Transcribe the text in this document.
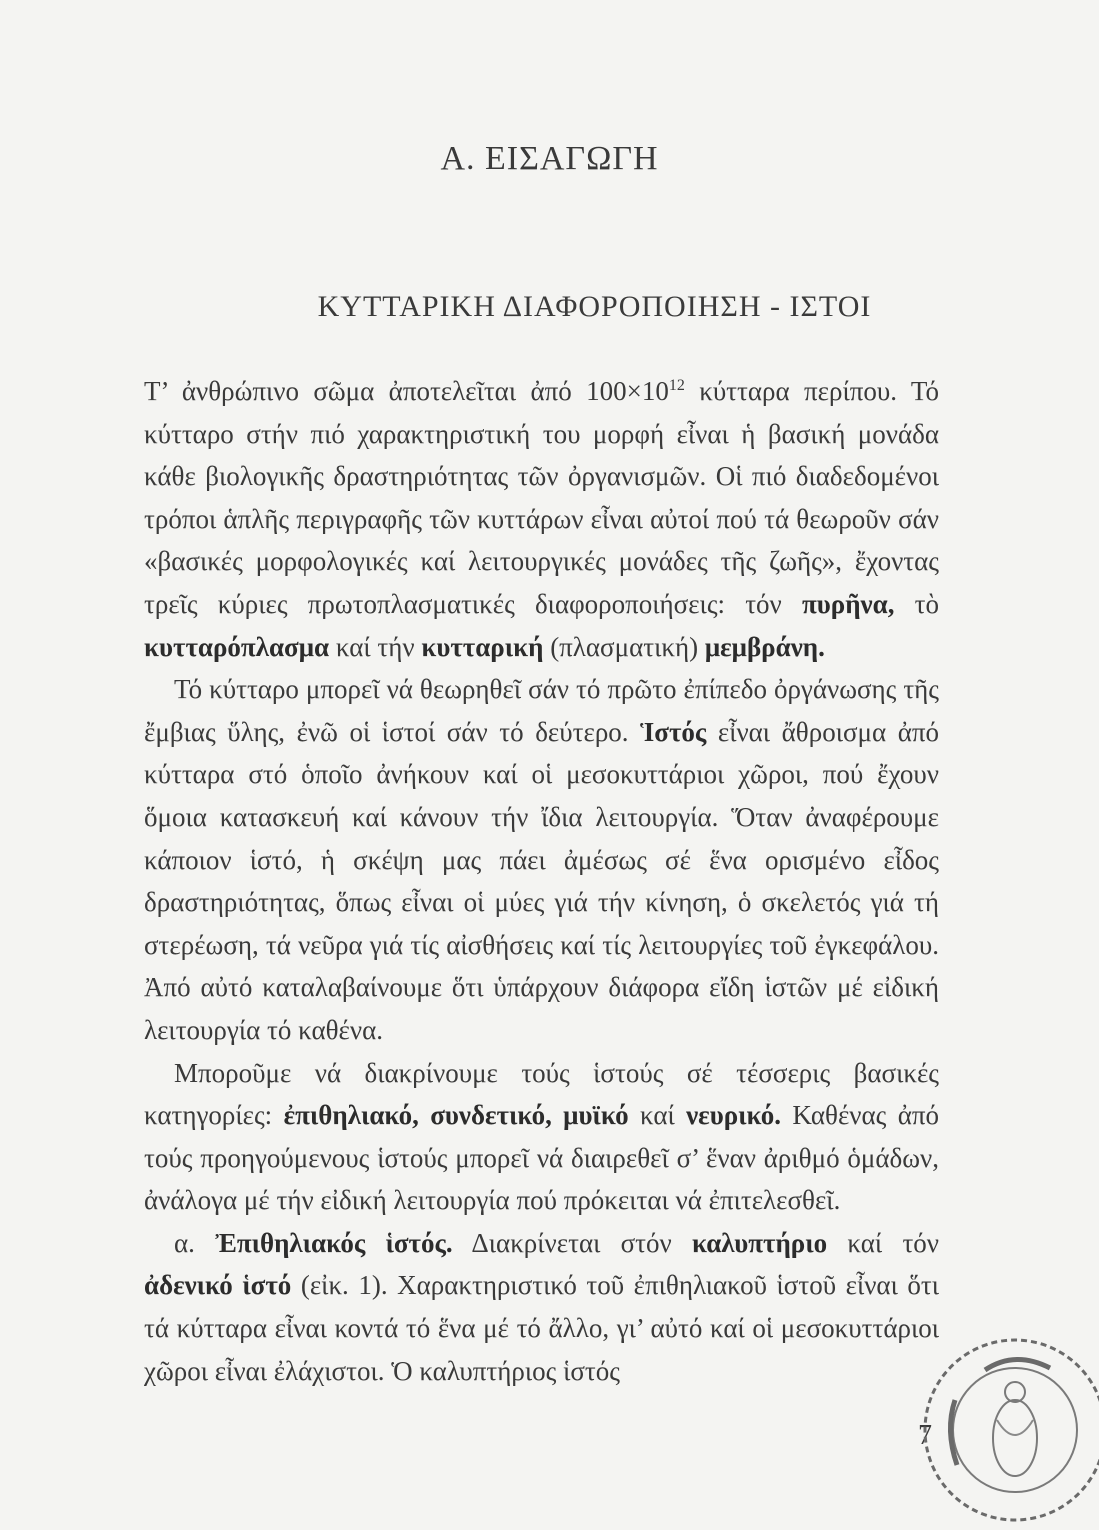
Α. ΕΙΣΑΓΩΓΗ
ΚΥΤΤΑΡΙΚΗ ΔΙΑΦΟΡΟΠΟΙΗΣΗ - ΙΣΤΟΙ

Τ’ ἀνθρώπινο σῶμα ἀποτελεῖται ἀπό $100\times 10^{12}$ κύτταρα περίπου. Τό κύτταρο στήν πιό χαρακτηριστική του μορφή εἶναι ἡ βασική μονάδα κάθε βιολογικῆς δραστηριότητας τῶν ὀργανισμῶν. Οἱ πιό διαδεδομένοι τρόποι ἁπλῆς περιγραφῆς τῶν κυττάρων εἶναι αὐτοί πού τά θεωροῦν σάν «βασικές μορφολογικές καί λειτουργικές μονάδες τῆς ζωῆς», ἔχοντας τρεῖς κύριες πρωτοπλασματικές διαφοροποιήσεις: τόν πυρῆνα, τὸ κυτταρόπλασμα καί τήν κυτταρική (πλασματική) μεμβράνη.

Τό κύτταρο μπορεῖ νά θεωρηθεῖ σάν τό πρῶτο ἐπίπεδο ὀργάνωσης τῆς ἔμβιας ὕλης, ἐνῶ οἱ ἱστοί σάν τό δεύτερο. Ἱστός εἶναι ἄθροισμα ἀπό κύτταρα στό ὁποῖο ἀνήκουν καί οἱ μεσοκυττάριοι χῶροι, πού ἔχουν ὅμοια κατασκευή καί κάνουν τήν ἴδια λειτουργία. Ὅταν ἀναφέρουμε κάποιον ἱστό, ἡ σκέψη μας πάει ἀμέσως σέ ἕνα ορισμένο εἶδος δραστηριότητας, ὅπως εἶναι οἱ μύες γιά τήν κίνηση, ὁ σκελετός γιά τή στερέωση, τά νεῦρα γιά τίς αἰσθήσεις καί τίς λειτουργίες τοῦ ἐγκεφάλου. Ἀπό αὐτό καταλαβαίνουμε ὅτι ὑπάρχουν διάφορα εἴδη ἱστῶν μέ εἰδική λειτουργία τό καθένα.

Μποροῦμε νά διακρίνουμε τούς ἱστούς σέ τέσσερις βασικές κατηγορίες: ἐπιθηλιακό, συνδετικό, μυϊκό καί νευρικό. Καθένας ἀπό τούς προηγούμενους ἱστούς μπορεῖ νά διαιρεθεῖ σ’ ἕναν ἀριθμό ὁμάδων, ἀνάλογα μέ τήν εἰδική λειτουργία πού πρόκειται νά ἐπιτελεσθεῖ.

α. Ἐπιθηλιακός ἱστός. Διακρίνεται στόν καλυπτήριο καί τόν ἀδενικό ἱστό (εἰκ. 1). Χαρακτηριστικό τοῦ ἐπιθηλιακοῦ ἱστοῦ εἶναι ὅτι τά κύτταρα εἶναι κοντά τό ἕνα μέ τό ἄλλο, γι’ αὐτό καί οἱ μεσοκυττάριοι χῶροι εἶναι ἐλάχιστοι. Ὁ καλυπτήριος ἱστός

7
